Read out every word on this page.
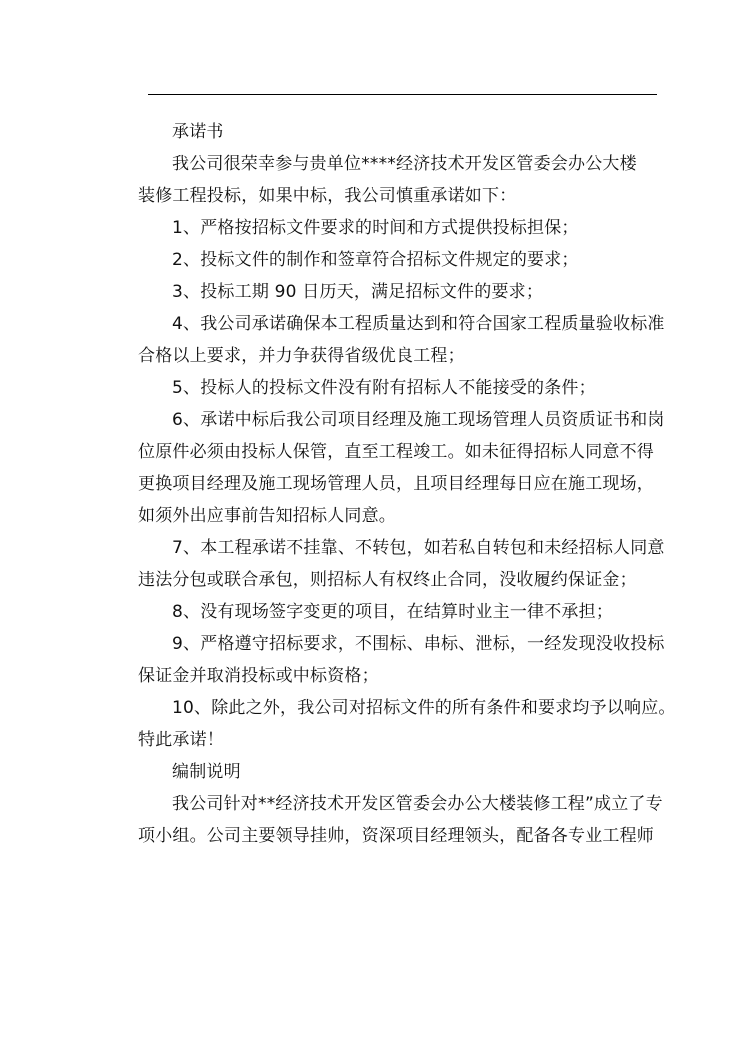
承诺书
我公司很荣幸参与贵单位****经济技术开发区管委会办公大楼
装修工程投标，如果中标，我公司慎重承诺如下：
1、严格按招标文件要求的时间和方式提供投标担保；
2、投标文件的制作和签章符合招标文件规定的要求；
3、投标工期 90 日历天，满足招标文件的要求；
4、我公司承诺确保本工程质量达到和符合国家工程质量验收标准
合格以上要求，并力争获得省级优良工程；
5、投标人的投标文件没有附有招标人不能接受的条件；
6、承诺中标后我公司项目经理及施工现场管理人员资质证书和岗
位原件必须由投标人保管，直至工程竣工。如未征得招标人同意不得
更换项目经理及施工现场管理人员，且项目经理每日应在施工现场，
如须外出应事前告知招标人同意。
7、本工程承诺不挂靠、不转包，如若私自转包和未经招标人同意
违法分包或联合承包，则招标人有权终止合同，没收履约保证金；
8、没有现场签字变更的项目，在结算时业主一律不承担；
9、严格遵守招标要求，不围标、串标、泄标，一经发现没收投标
保证金并取消投标或中标资格；
10、除此之外，我公司对招标文件的所有条件和要求均予以响应。
特此承诺！
编制说明
我公司针对**经济技术开发区管委会办公大楼装修工程”成立了专
项小组。公司主要领导挂帅，资深项目经理领头，配备各专业工程师
